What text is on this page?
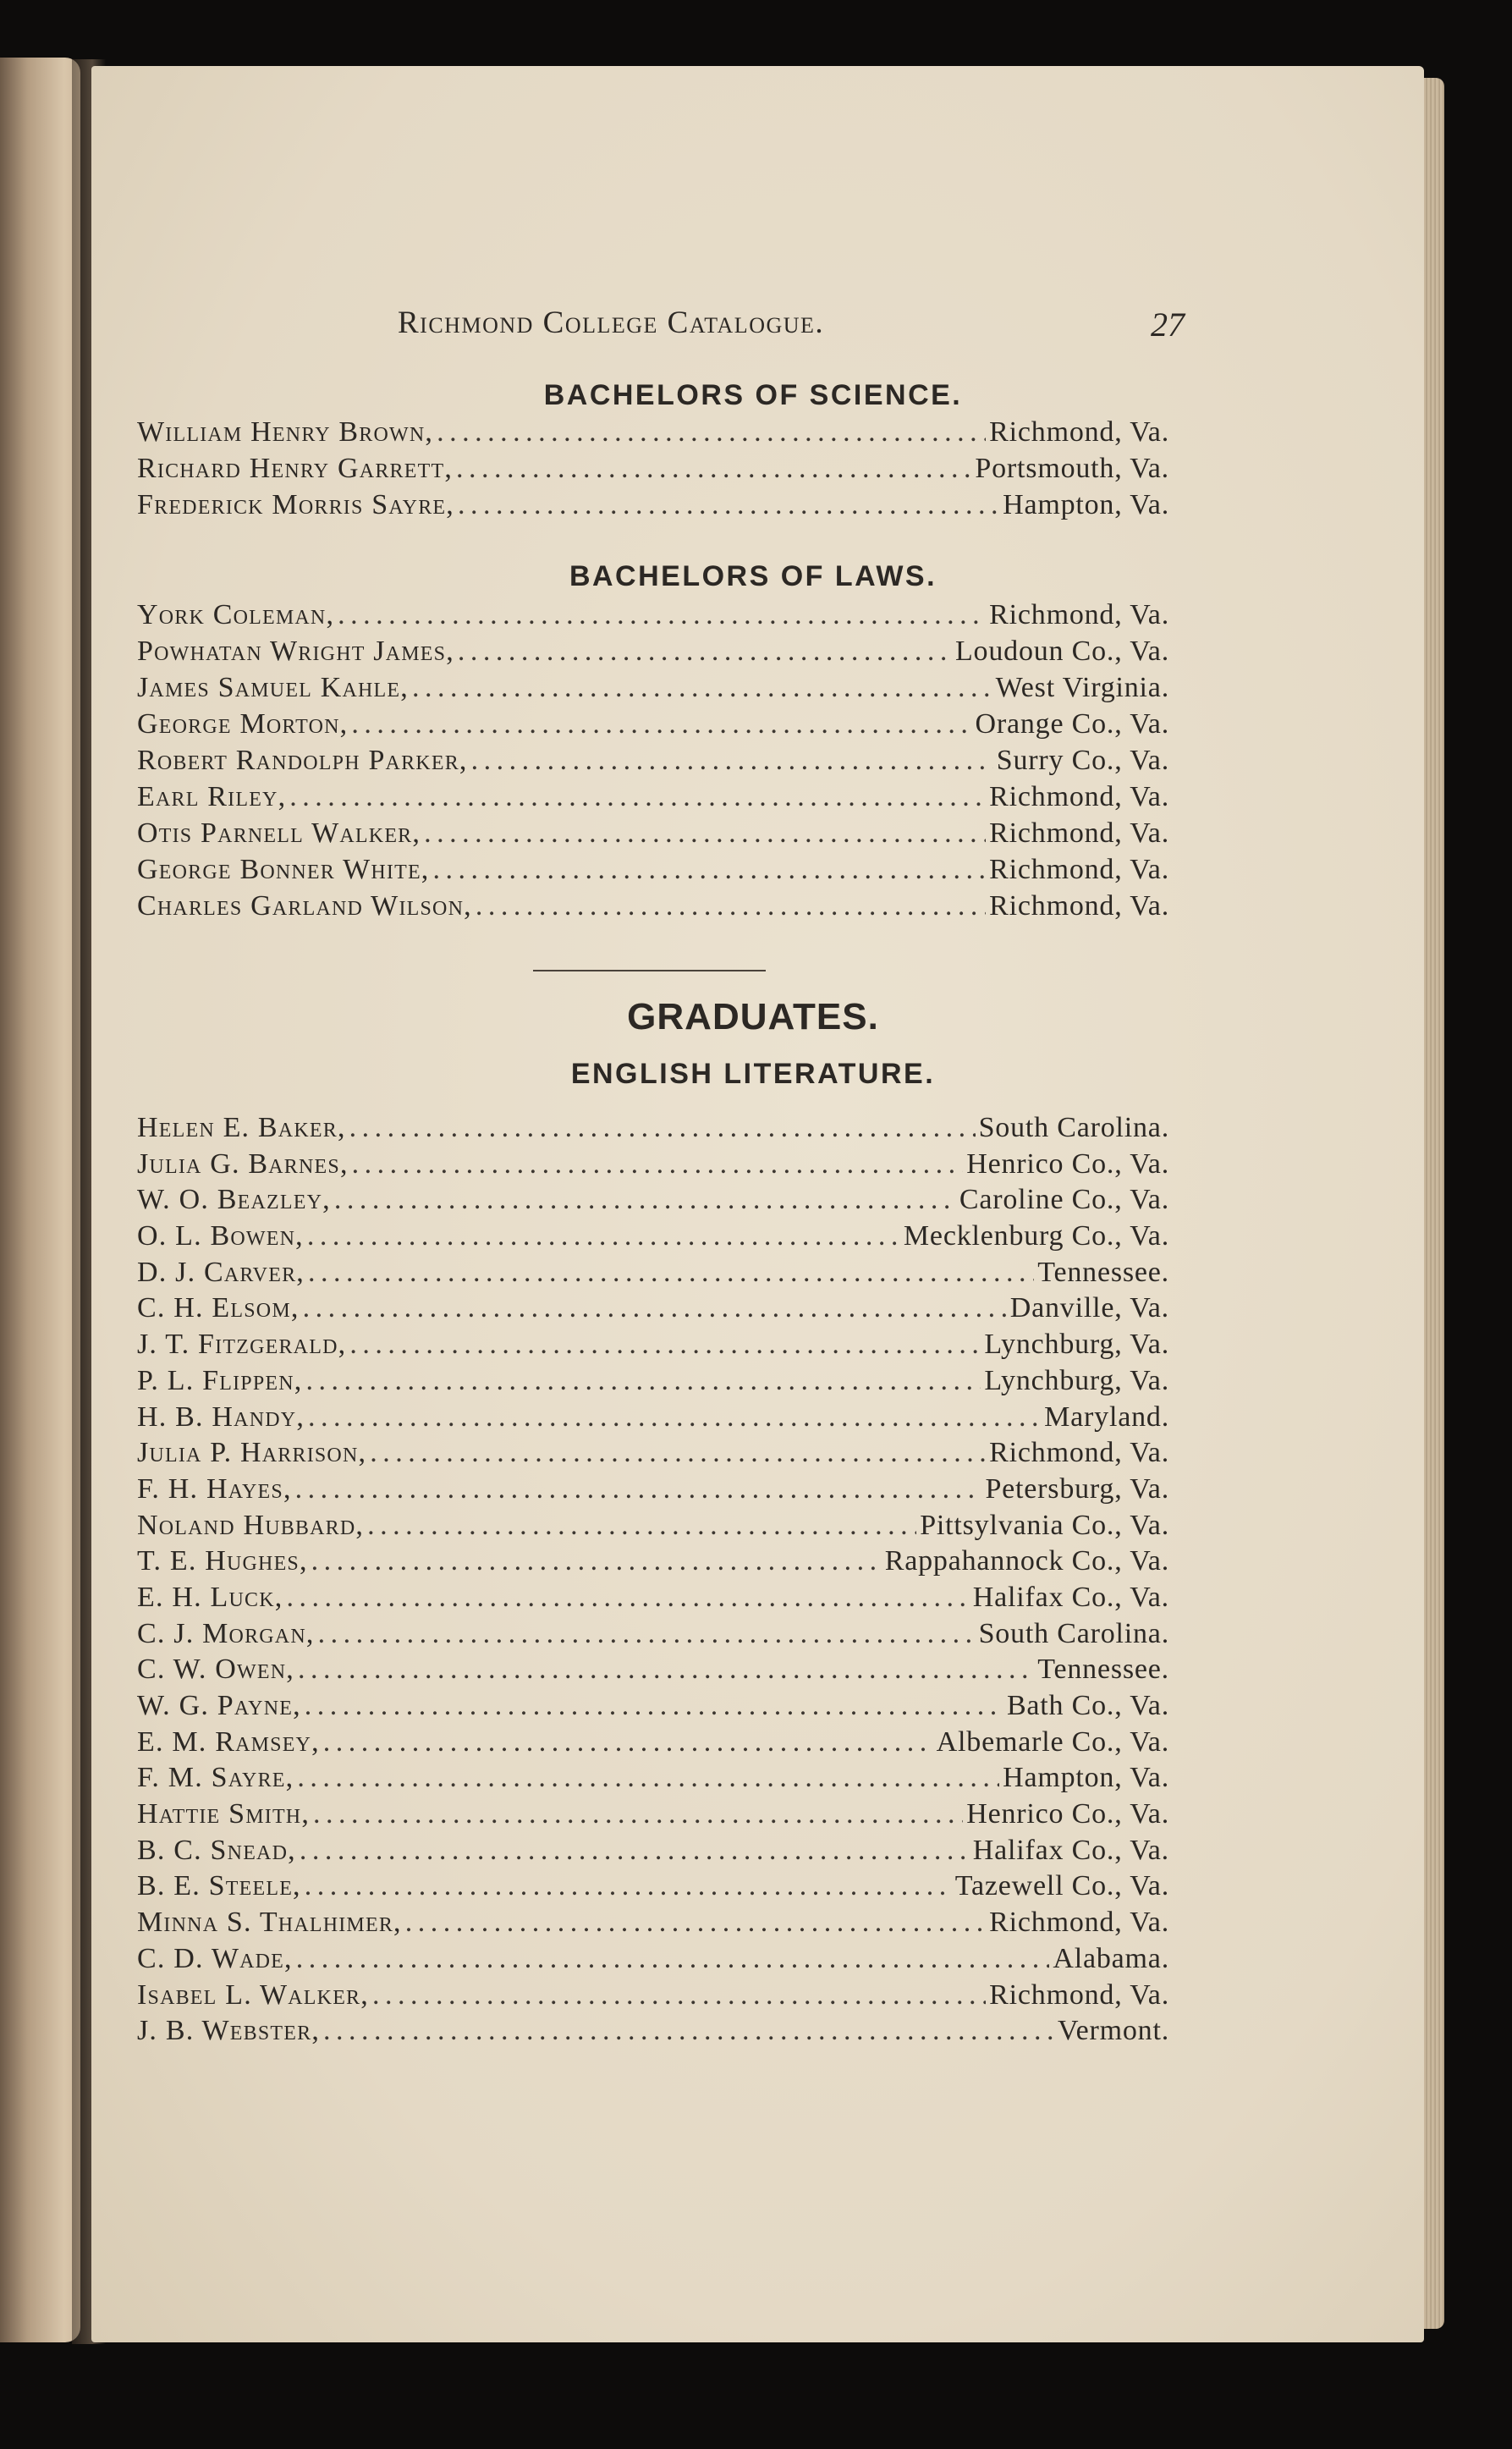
Richmond College Catalogue.	27
BACHELORS OF SCIENCE.
William Henry Brown, . . .	Richmond, Va.
Richard Henry Garrett, . . .	Portsmouth, Va.
Frederick Morris Sayre, . . .	Hampton, Va.
BACHELORS OF LAWS.
York Coleman, . . .	Richmond, Va.
Powhatan Wright James, . . .	Loudoun Co., Va.
James Samuel Kahle, . . .	West Virginia.
George Morton, . . .	Orange Co., Va.
Robert Randolph Parker, . . .	Surry Co., Va.
Earl Riley, . . .	Richmond, Va.
Otis Parnell Walker, . . .	Richmond, Va.
George Bonner White, . . .	Richmond, Va.
Charles Garland Wilson, . . .	Richmond, Va.
GRADUATES.
ENGLISH LITERATURE.
Helen E. Baker, . . .	South Carolina.
Julia G. Barnes, . . .	Henrico Co., Va.
W. O. Beazley, . . .	Caroline Co., Va.
O. L. Bowen, . . .	Mecklenburg Co., Va.
D. J. Carver, . . .	Tennessee.
C. H. Elsom, . . .	Danville, Va.
J. T. Fitzgerald, . . .	Lynchburg, Va.
P. L. Flippen, . . .	Lynchburg, Va.
H. B. Handy, . . .	Maryland.
Julia P. Harrison, . . .	Richmond, Va.
F. H. Hayes, . . .	Petersburg, Va.
Noland Hubbard, . . .	Pittsylvania Co., Va.
T. E. Hughes, . . .	Rappahannock Co., Va.
E. H. Luck, . . .	Halifax Co., Va.
C. J. Morgan, . . .	South Carolina.
C. W. Owen, . . .	Tennessee.
W. G. Payne, . . .	Bath Co., Va.
E. M. Ramsey, . . .	Albemarle Co., Va.
F. M. Sayre, . . .	Hampton, Va.
Hattie Smith, . . .	Henrico Co., Va.
B. C. Snead, . . .	Halifax Co., Va.
B. E. Steele, . . .	Tazewell Co., Va.
Minna S. Thalhimer, . . .	Richmond, Va.
C. D. Wade, . . .	Alabama.
Isabel L. Walker, . . .	Richmond, Va.
J. B. Webster, . . .	Vermont.
